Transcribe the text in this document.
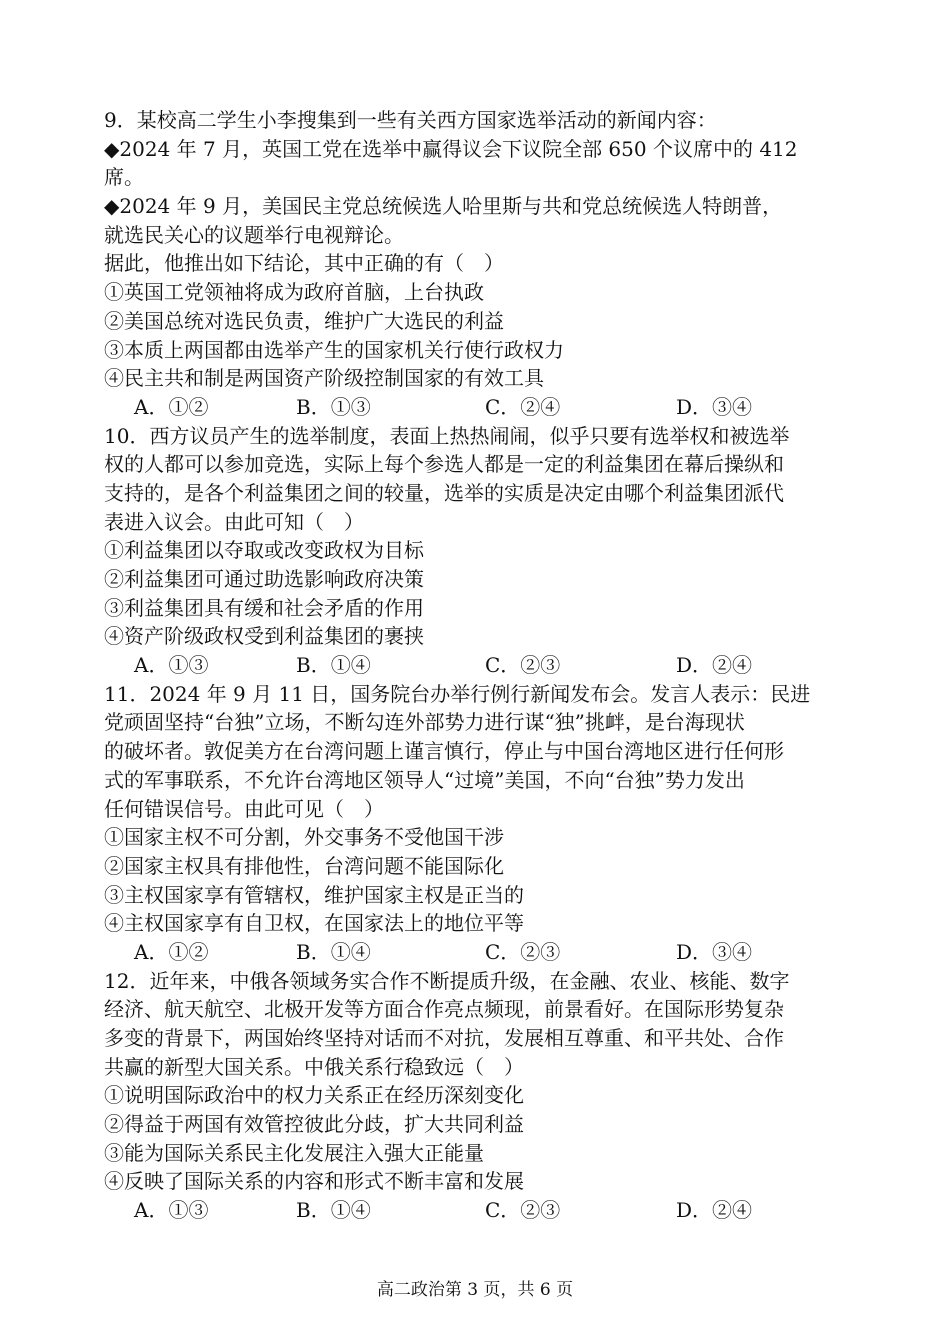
9．某校高二学生小李搜集到一些有关西方国家选举活动的新闻内容：
◆2024 年 7 月，英国工党在选举中赢得议会下议院全部 650 个议席中的 412
席。
◆2024 年 9 月，美国民主党总统候选人哈里斯与共和党总统候选人特朗普，
就选民关心的议题举行电视辩论。
据此，他推出如下结论，其中正确的有（　）
①英国工党领袖将成为政府首脑，上台执政
②美国总统对选民负责，维护广大选民的利益
③本质上两国都由选举产生的国家机关行使行政权力
④民主共和制是两国资产阶级控制国家的有效工具
A．①②	B．①③	C．②④	D．③④
10．西方议员产生的选举制度，表面上热热闹闹，似乎只要有选举权和被选举
权的人都可以参加竞选，实际上每个参选人都是一定的利益集团在幕后操纵和
支持的，是各个利益集团之间的较量，选举的实质是决定由哪个利益集团派代
表进入议会。由此可知（　）
①利益集团以夺取或改变政权为目标
②利益集团可通过助选影响政府决策
③利益集团具有缓和社会矛盾的作用
④资产阶级政权受到利益集团的裹挟
A．①③	B．①④	C．②③	D．②④
11．2024 年 9 月 11 日，国务院台办举行例行新闻发布会。发言人表示：民进
党顽固坚持“台独”立场，不断勾连外部势力进行谋“独”挑衅，是台海现状
的破坏者。敦促美方在台湾问题上谨言慎行，停止与中国台湾地区进行任何形
式的军事联系，不允许台湾地区领导人“过境”美国，不向“台独”势力发出
任何错误信号。由此可见（　）
①国家主权不可分割，外交事务不受他国干涉
②国家主权具有排他性，台湾问题不能国际化
③主权国家享有管辖权，维护国家主权是正当的
④主权国家享有自卫权，在国家法上的地位平等
A．①②	B．①④	C．②③	D．③④
12．近年来，中俄各领域务实合作不断提质升级，在金融、农业、核能、数字
经济、航天航空、北极开发等方面合作亮点频现，前景看好。在国际形势复杂
多变的背景下，两国始终坚持对话而不对抗，发展相互尊重、和平共处、合作
共赢的新型大国关系。中俄关系行稳致远（　）
①说明国际政治中的权力关系正在经历深刻变化
②得益于两国有效管控彼此分歧，扩大共同利益
③能为国际关系民主化发展注入强大正能量
④反映了国际关系的内容和形式不断丰富和发展
A．①③	B．①④	C．②③	D．②④
高二政治第 3 页，共 6 页
